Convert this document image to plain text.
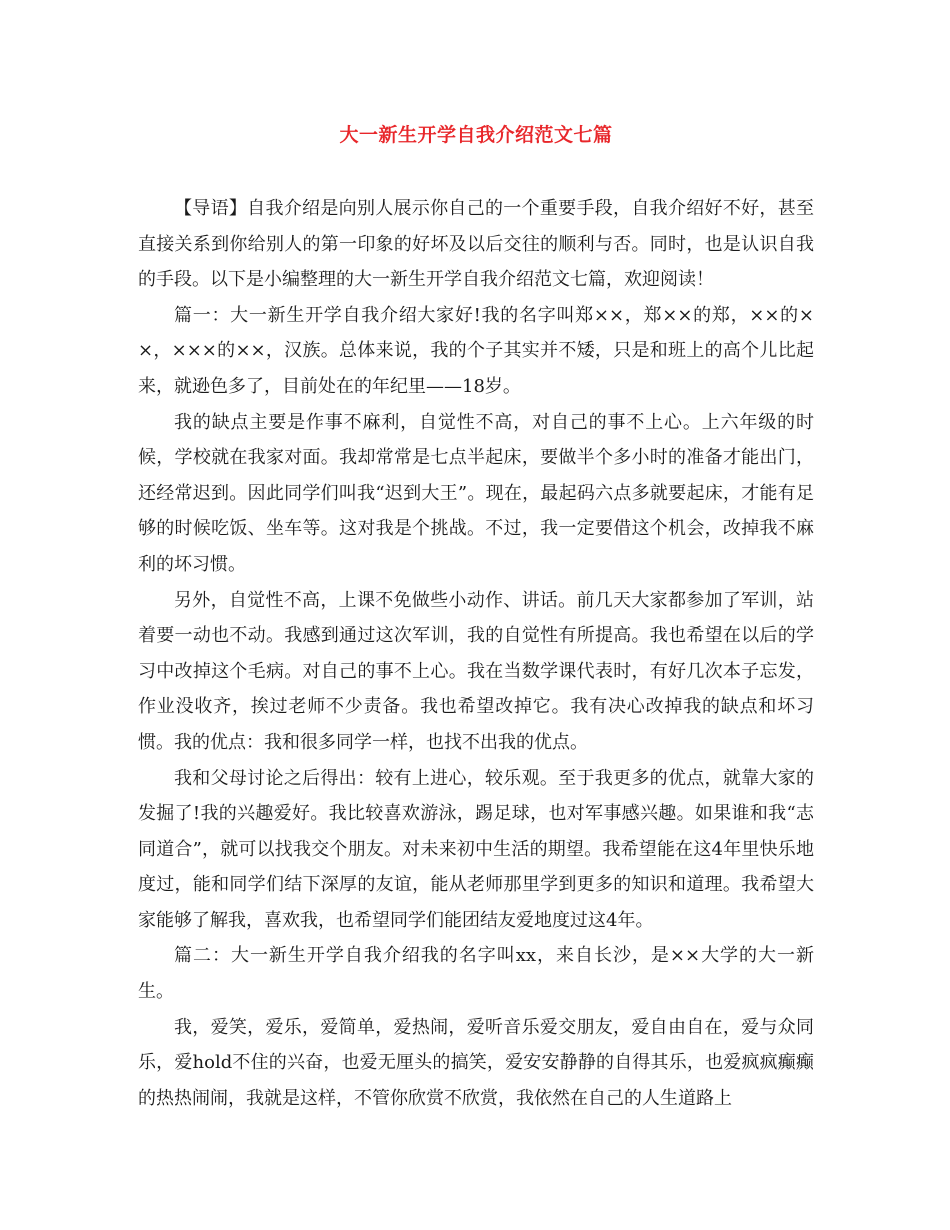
大一新生开学自我介绍范文七篇

【导语】自我介绍是向别人展示你自己的一个重要手段，自我介绍好不好，甚至直接关系到你给别人的第一印象的好坏及以后交往的顺利与否。同时，也是认识自我的手段。以下是小编整理的大一新生开学自我介绍范文七篇，欢迎阅读！

篇一：大一新生开学自我介绍大家好!我的名字叫郑××，郑××的郑，××的××，×××的××，汉族。总体来说，我的个子其实并不矮，只是和班上的高个儿比起来，就逊色多了，目前处在的年纪里——18岁。

我的缺点主要是作事不麻利，自觉性不高，对自己的事不上心。上六年级的时候，学校就在我家对面。我却常常是七点半起床，要做半个多小时的准备才能出门，还经常迟到。因此同学们叫我“迟到大王”。现在，最起码六点多就要起床，才能有足够的时候吃饭、坐车等。这对我是个挑战。不过，我一定要借这个机会，改掉我不麻利的坏习惯。

另外，自觉性不高，上课不免做些小动作、讲话。前几天大家都参加了军训，站着要一动也不动。我感到通过这次军训，我的自觉性有所提高。我也希望在以后的学习中改掉这个毛病。对自己的事不上心。我在当数学课代表时，有好几次本子忘发，作业没收齐，挨过老师不少责备。我也希望改掉它。我有决心改掉我的缺点和坏习惯。我的优点：我和很多同学一样，也找不出我的优点。

我和父母讨论之后得出：较有上进心，较乐观。至于我更多的优点，就靠大家的发掘了!我的兴趣爱好。我比较喜欢游泳，踢足球，也对军事感兴趣。如果谁和我“志同道合”，就可以找我交个朋友。对未来初中生活的期望。我希望能在这4年里快乐地度过，能和同学们结下深厚的友谊，能从老师那里学到更多的知识和道理。我希望大家能够了解我，喜欢我，也希望同学们能团结友爱地度过这4年。

篇二：大一新生开学自我介绍我的名字叫xx，来自长沙，是××大学的大一新生。

我，爱笑，爱乐，爱简单，爱热闹，爱听音乐爱交朋友，爱自由自在，爱与众同乐，爱hold不住的兴奋，也爱无厘头的搞笑，爱安安静静的自得其乐，也爱疯疯癫癫的热热闹闹，我就是这样，不管你欣赏不欣赏，我依然在自己的人生道路上
